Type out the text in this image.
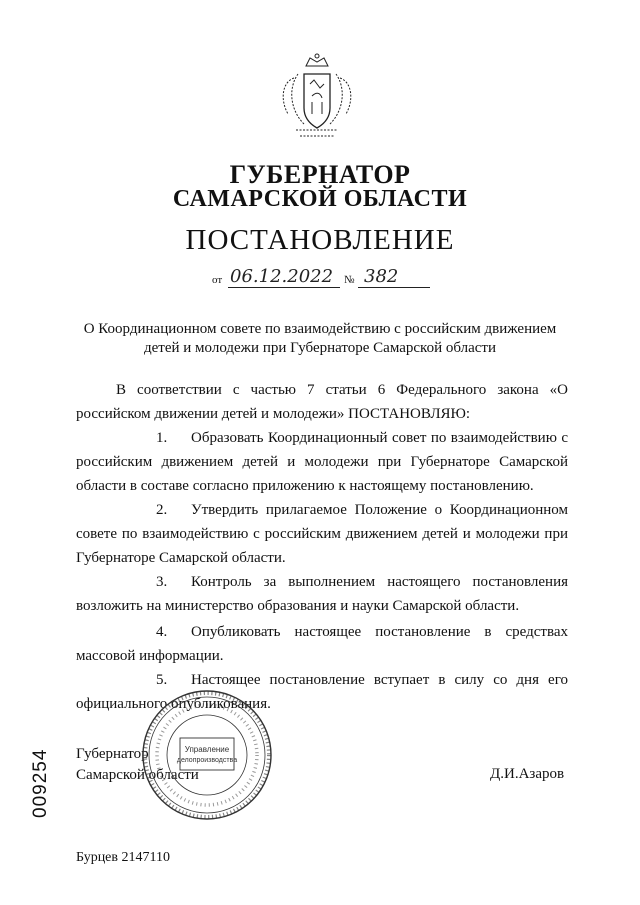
ГУБЕРНАТОР
САМАРСКОЙ ОБЛАСТИ
ПОСТАНОВЛЕНИЕ
от 06.12.2022 № 382
О Координационном совете по взаимодействию с российским движением детей и молодежи при Губернаторе Самарской области
В соответствии с частью 7 статьи 6 Федерального закона «О российском движении детей и молодежи» ПОСТАНОВЛЯЮ:
1. Образовать Координационный совет по взаимодействию с российским движением детей и молодежи при Губернаторе Самарской области в составе согласно приложению к настоящему постановлению.
2. Утвердить прилагаемое Положение о Координационном совете по взаимодействию с российским движением детей и молодежи при Губернаторе Самарской области.
3. Контроль за выполнением настоящего постановления возложить на министерство образования и науки Самарской области.
4. Опубликовать настоящее постановление в средствах массовой информации.
5. Настоящее постановление вступает в силу со дня его официального опубликования.
Губернатор
Самарской области	Д.И.Азаров
Управление
делопроизводства
009254
Бурцев 2147110
